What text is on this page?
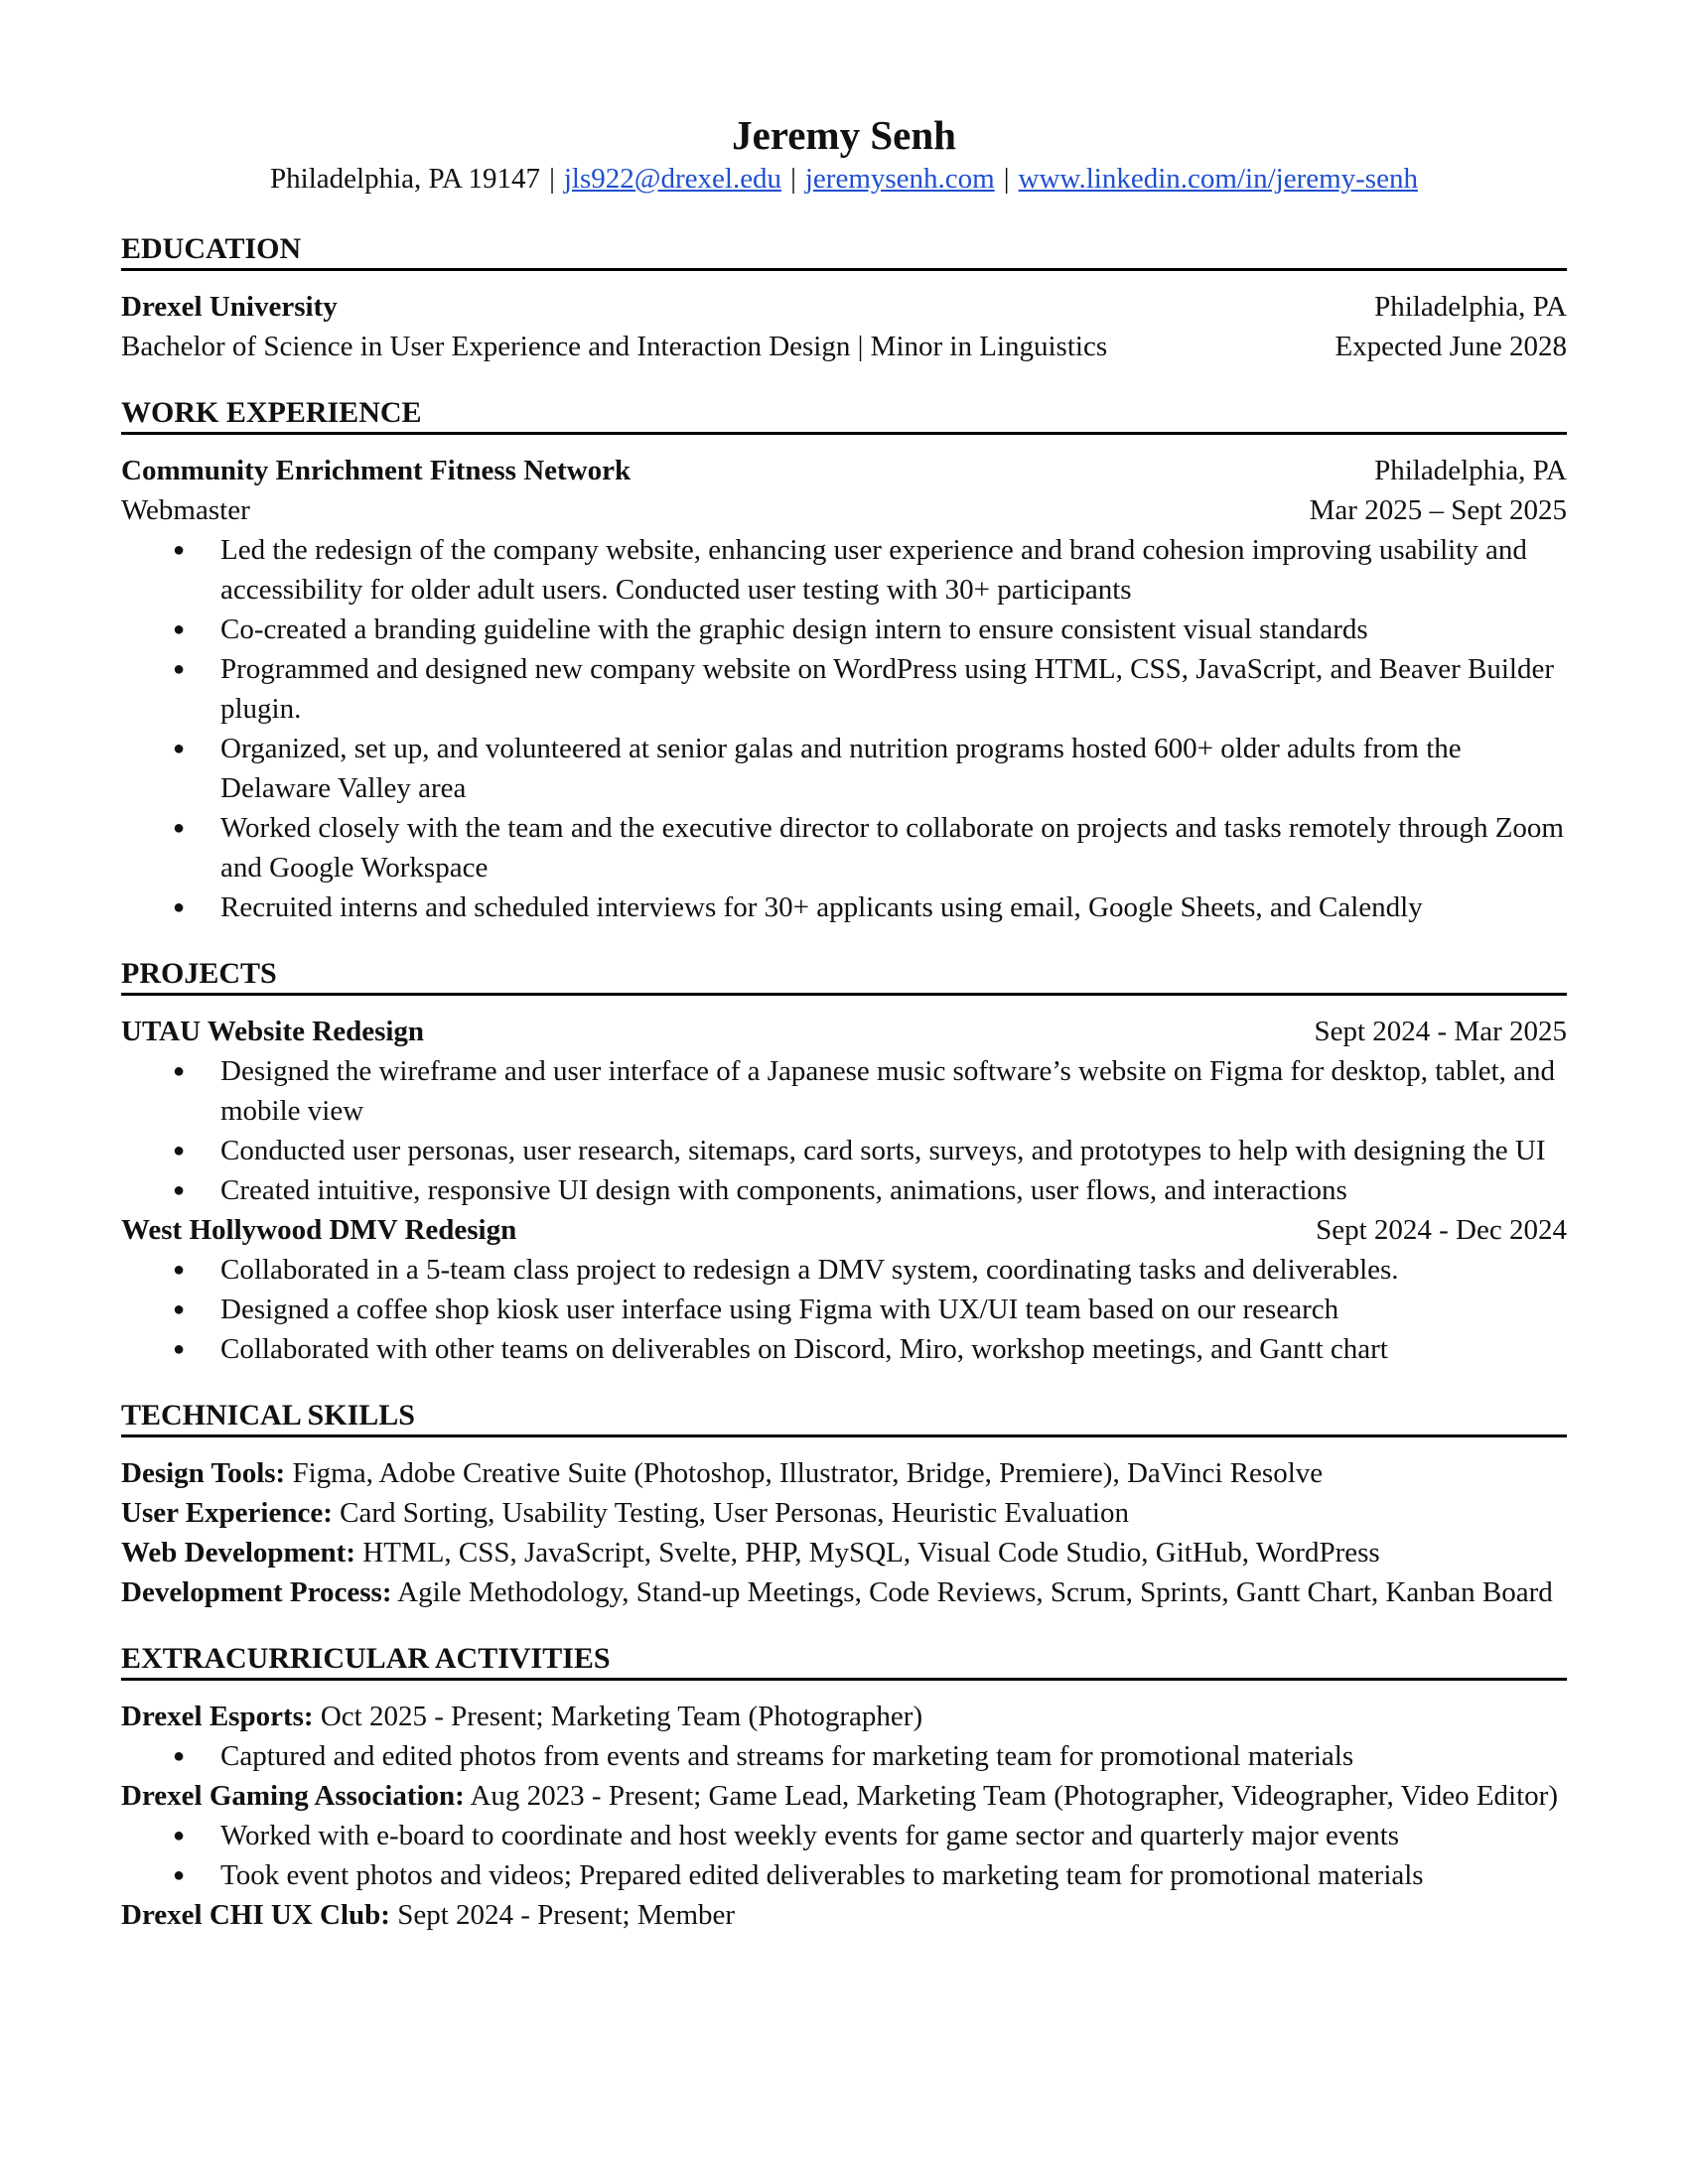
Jeremy Senh

Philadelphia, PA 19147 | jls922@drexel.edu | jeremysenh.com | www.linkedin.com/in/jeremy-senh

EDUCATION
Drexel University	Philadelphia, PA
Bachelor of Science in User Experience and Interaction Design | Minor in Linguistics	Expected June 2028
WORK EXPERIENCE
Community Enrichment Fitness Network	Philadelphia, PA
Webmaster	Mar 2025 – Sept 2025
● Led the redesign of the company website, enhancing user experience and brand cohesion improving usability and accessibility for older adult users. Conducted user testing with 30+ participants
● Co-created a branding guideline with the graphic design intern to ensure consistent visual standards
● Programmed and designed new company website on WordPress using HTML, CSS, JavaScript, and Beaver Builder plugin.
● Organized, set up, and volunteered at senior galas and nutrition programs hosted 600+ older adults from the Delaware Valley area
● Worked closely with the team and the executive director to collaborate on projects and tasks remotely through Zoom and Google Workspace
● Recruited interns and scheduled interviews for 30+ applicants using email, Google Sheets, and Calendly
PROJECTS
UTAU Website Redesign	Sept 2024 - Mar 2025
● Designed the wireframe and user interface of a Japanese music software’s website on Figma for desktop, tablet, and mobile view
● Conducted user personas, user research, sitemaps, card sorts, surveys, and prototypes to help with designing the UI
● Created intuitive, responsive UI design with components, animations, user flows, and interactions
West Hollywood DMV Redesign	Sept 2024 - Dec 2024
● Collaborated in a 5-team class project to redesign a DMV system, coordinating tasks and deliverables.
● Designed a coffee shop kiosk user interface using Figma with UX/UI team based on our research
● Collaborated with other teams on deliverables on Discord, Miro, workshop meetings, and Gantt chart
TECHNICAL SKILLS

Design Tools: Figma, Adobe Creative Suite (Photoshop, Illustrator, Bridge, Premiere), DaVinci Resolve

User Experience: Card Sorting, Usability Testing, User Personas, Heuristic Evaluation

Web Development: HTML, CSS, JavaScript, Svelte, PHP, MySQL, Visual Code Studio, GitHub, WordPress

Development Process: Agile Methodology, Stand-up Meetings, Code Reviews, Scrum, Sprints, Gantt Chart, Kanban Board

EXTRACURRICULAR ACTIVITIES

Drexel Esports: Oct 2025 - Present; Marketing Team (Photographer)

● Captured and edited photos from events and streams for marketing team for promotional materials

Drexel Gaming Association: Aug 2023 - Present; Game Lead, Marketing Team (Photographer, Videographer, Video Editor)

● Worked with e-board to coordinate and host weekly events for game sector and quarterly major events
● Took event photos and videos; Prepared edited deliverables to marketing team for promotional materials

Drexel CHI UX Club: Sept 2024 - Present; Member
